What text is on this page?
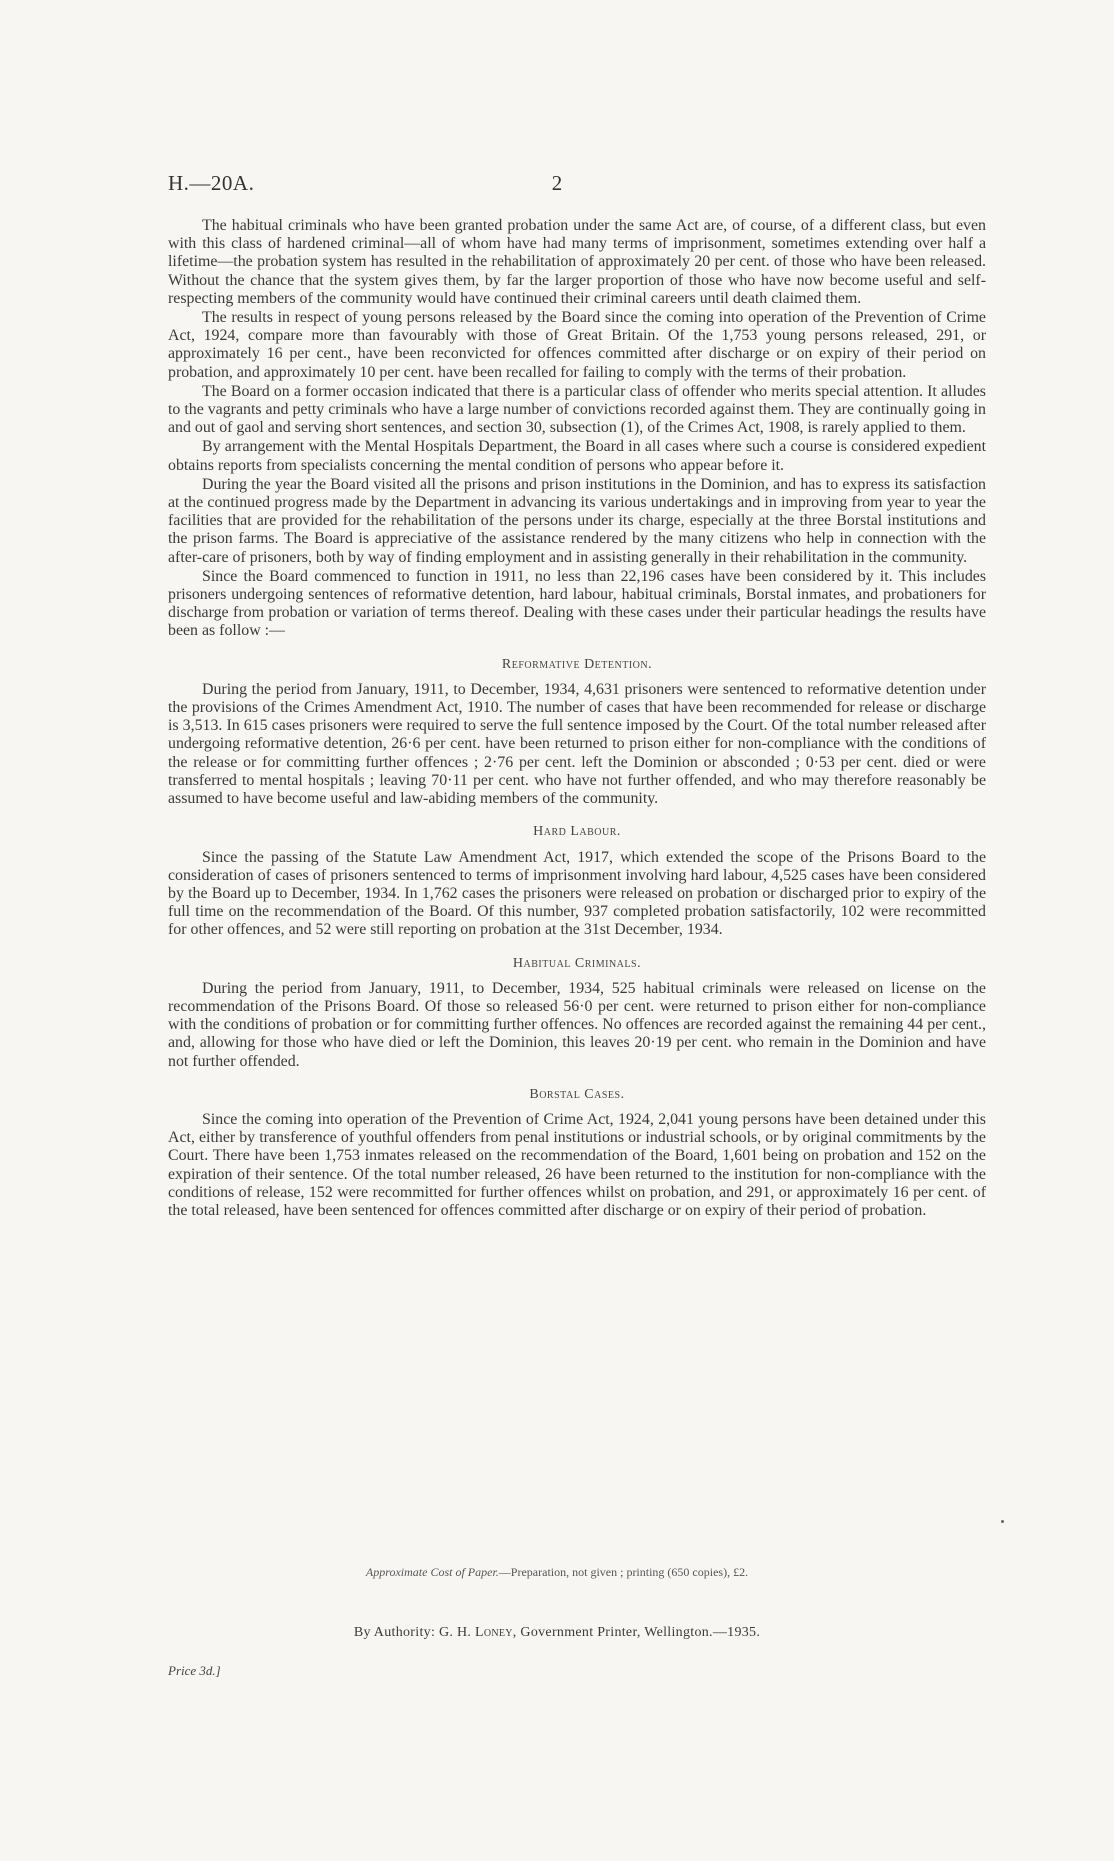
H.—20A.	2

The habitual criminals who have been granted probation under the same Act are, of course, of a different class, but even with this class of hardened criminal—all of whom have had many terms of imprisonment, sometimes extending over half a lifetime—the probation system has resulted in the rehabilitation of approximately 20 per cent. of those who have been released. Without the chance that the system gives them, by far the larger proportion of those who have now become useful and self-respecting members of the community would have continued their criminal careers until death claimed them.

The results in respect of young persons released by the Board since the coming into operation of the Prevention of Crime Act, 1924, compare more than favourably with those of Great Britain. Of the 1,753 young persons released, 291, or approximately 16 per cent., have been reconvicted for offences committed after discharge or on expiry of their period on probation, and approximately 10 per cent. have been recalled for failing to comply with the terms of their probation.

The Board on a former occasion indicated that there is a particular class of offender who merits special attention. It alludes to the vagrants and petty criminals who have a large number of convictions recorded against them. They are continually going in and out of gaol and serving short sentences, and section 30, subsection (1), of the Crimes Act, 1908, is rarely applied to them.

By arrangement with the Mental Hospitals Department, the Board in all cases where such a course is considered expedient obtains reports from specialists concerning the mental condition of persons who appear before it.

During the year the Board visited all the prisons and prison institutions in the Dominion, and has to express its satisfaction at the continued progress made by the Department in advancing its various undertakings and in improving from year to year the facilities that are provided for the rehabilitation of the persons under its charge, especially at the three Borstal institutions and the prison farms. The Board is appreciative of the assistance rendered by the many citizens who help in connection with the after-care of prisoners, both by way of finding employment and in assisting generally in their rehabilitation in the community.

Since the Board commenced to function in 1911, no less than 22,196 cases have been considered by it. This includes prisoners undergoing sentences of reformative detention, hard labour, habitual criminals, Borstal inmates, and probationers for discharge from probation or variation of terms thereof. Dealing with these cases under their particular headings the results have been as follow :—

Reformative Detention.

During the period from January, 1911, to December, 1934, 4,631 prisoners were sentenced to reformative detention under the provisions of the Crimes Amendment Act, 1910. The number of cases that have been recommended for release or discharge is 3,513. In 615 cases prisoners were required to serve the full sentence imposed by the Court. Of the total number released after undergoing reformative detention, 26·6 per cent. have been returned to prison either for non-compliance with the conditions of the release or for committing further offences ; 2·76 per cent. left the Dominion or absconded ; 0·53 per cent. died or were transferred to mental hospitals ; leaving 70·11 per cent. who have not further offended, and who may therefore reasonably be assumed to have become useful and law-abiding members of the community.

Hard Labour.

Since the passing of the Statute Law Amendment Act, 1917, which extended the scope of the Prisons Board to the consideration of cases of prisoners sentenced to terms of imprisonment involving hard labour, 4,525 cases have been considered by the Board up to December, 1934. In 1,762 cases the prisoners were released on probation or discharged prior to expiry of the full time on the recommendation of the Board. Of this number, 937 completed probation satisfactorily, 102 were recommitted for other offences, and 52 were still reporting on probation at the 31st December, 1934.

Habitual Criminals.

During the period from January, 1911, to December, 1934, 525 habitual criminals were released on license on the recommendation of the Prisons Board. Of those so released 56·0 per cent. were returned to prison either for non-compliance with the conditions of probation or for committing further offences. No offences are recorded against the remaining 44 per cent., and, allowing for those who have died or left the Dominion, this leaves 20·19 per cent. who remain in the Dominion and have not further offended.

Borstal Cases.

Since the coming into operation of the Prevention of Crime Act, 1924, 2,041 young persons have been detained under this Act, either by transference of youthful offenders from penal institutions or industrial schools, or by original commitments by the Court. There have been 1,753 inmates released on the recommendation of the Board, 1,601 being on probation and 152 on the expiration of their sentence. Of the total number released, 26 have been returned to the institution for non-compliance with the conditions of release, 152 were recommitted for further offences whilst on probation, and 291, or approximately 16 per cent. of the total released, have been sentenced for offences committed after discharge or on expiry of their period of probation.

Approximate Cost of Paper.—Preparation, not given ; printing (650 copies), £2.
By Authority: G. H. Loney, Government Printer, Wellington.—1935.
Price 3d.]
